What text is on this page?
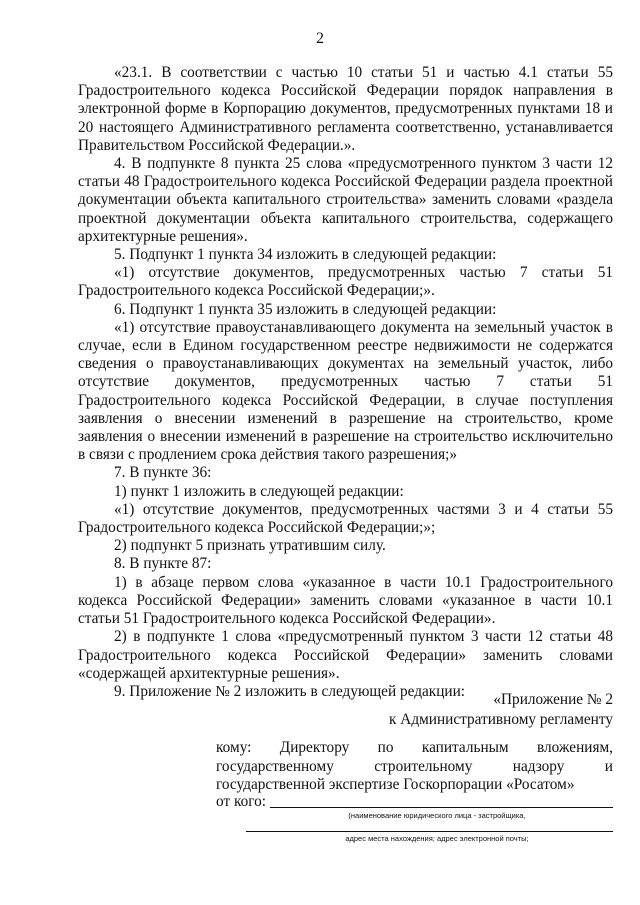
2

«23.1. В соответствии с частью 10 статьи 51 и частью 4.1 статьи 55 Градостроительного кодекса Российской Федерации порядок направления в электронной форме в Корпорацию документов, предусмотренных пунктами 18 и 20 настоящего Административного регламента соответственно, устанавливается Правительством Российской Федерации.».

4. В подпункте 8 пункта 25 слова «предусмотренного пунктом 3 части 12 статьи 48 Градостроительного кодекса Российской Федерации раздела проектной документации объекта капитального строительства» заменить словами «раздела проектной документации объекта капитального строительства, содержащего архитектурные решения».

5. Подпункт 1 пункта 34 изложить в следующей редакции:

«1) отсутствие документов, предусмотренных частью 7 статьи 51 Градостроительного кодекса Российской Федерации;».

6. Подпункт 1 пункта 35 изложить в следующей редакции:

«1) отсутствие правоустанавливающего документа на земельный участок в случае, если в Едином государственном реестре недвижимости не содержатся сведения о правоустанавливающих документах на земельный участок, либо отсутствие документов, предусмотренных частью 7 статьи 51 Градостроительного кодекса Российской Федерации, в случае поступления заявления о внесении изменений в разрешение на строительство, кроме заявления о внесении изменений в разрешение на строительство исключительно в связи с продлением срока действия такого разрешения;»

7. В пункте 36:

1) пункт 1 изложить в следующей редакции:

«1) отсутствие документов, предусмотренных частями 3 и 4 статьи 55 Градостроительного кодекса Российской Федерации;»;

2) подпункт 5 признать утратившим силу.

8. В пункте 87:

1) в абзаце первом слова «указанное в части 10.1 Градостроительного кодекса Российской Федерации» заменить словами «указанное в части 10.1 статьи 51 Градостроительного кодекса Российской Федерации».

2) в подпункте 1 слова «предусмотренный пунктом 3 части 12 статьи 48 Градостроительного кодекса Российской Федерации» заменить словами «содержащей архитектурные решения».

9. Приложение № 2 изложить в следующей редакции:	«Приложение № 2
к Административному регламенту
кому: Директору по капитальным вложениям, государственному строительному надзору и государственной экспертизе Госкорпорации «Росатом»
от кого:
(наименование юридического лица - застройщика,
адрес места нахождения; адрес электронной почты;
